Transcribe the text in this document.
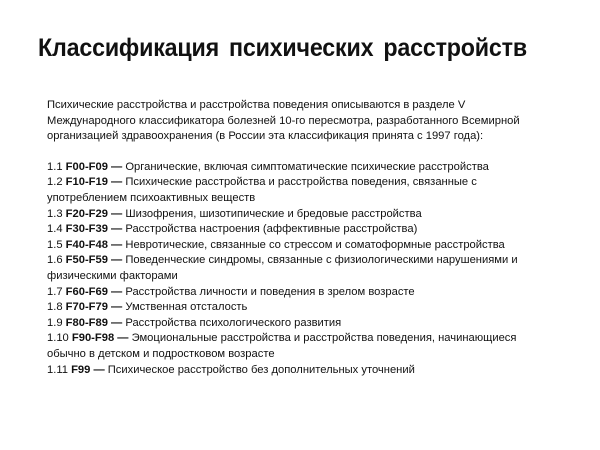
Классификация психических расстройств

Психические расстройства и расстройства поведения описываются в разделе V Международного классификатора болезней 10-го пересмотра, разработанного Всемирной организацией здравоохранения (в России эта классификация принята с 1997 года):

1.1 F00-F09 — Органические, включая симптоматические психические расстройства
1.2 F10-F19 — Психические расстройства и расстройства поведения, связанные с употреблением психоактивных веществ
1.3 F20-F29 — Шизофрения, шизотипические и бредовые расстройства
1.4 F30-F39 — Расстройства настроения (аффективные расстройства)
1.5 F40-F48 — Невротические, связанные со стрессом и соматоформные расстройства
1.6 F50-F59 — Поведенческие синдромы, связанные с физиологическими нарушениями и физическими факторами
1.7 F60-F69 — Расстройства личности и поведения в зрелом возрасте
1.8 F70-F79 — Умственная отсталость
1.9 F80-F89 — Расстройства психологического развития
1.10 F90-F98 — Эмоциональные расстройства и расстройства поведения, начинающиеся обычно в детском и подростковом возрасте
1.11 F99 — Психическое расстройство без дополнительных уточнений
